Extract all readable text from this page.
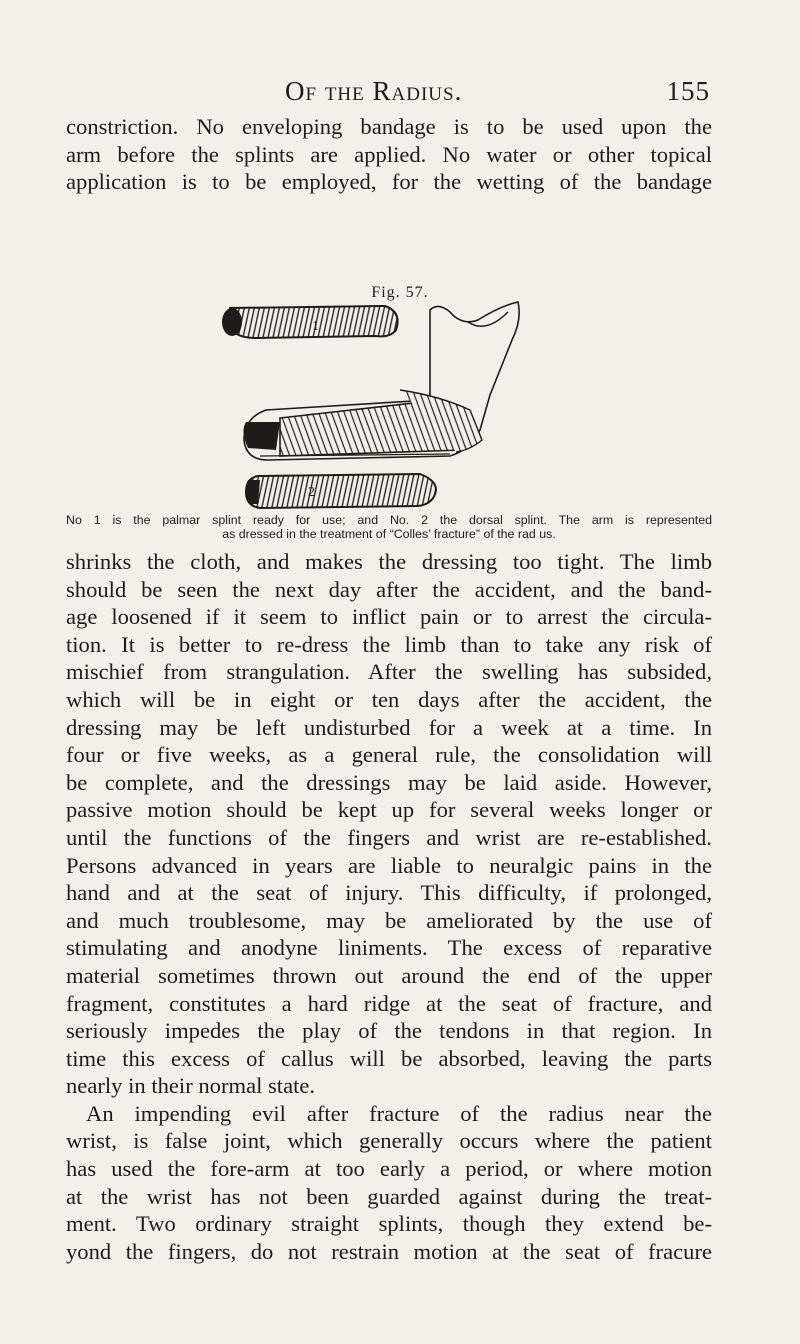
Of the Radius.	155

constriction. No enveloping bandage is to be used upon the

arm before the splints are applied. No water or other topical

application is to be employed, for the wetting of the bandage

Fig. 57.
1
2
No 1 is the palmar splint ready for use; and No. 2 the dorsal splint. The arm is represented
as dressed in the treatment of “Colles’ fracture” of the rad us.

shrinks the cloth, and makes the dressing too tight. The limb

should be seen the next day after the accident, and the band-

age loosened if it seem to inflict pain or to arrest the circula-

tion. It is better to re-dress the limb than to take any risk of

mischief from strangulation. After the swelling has subsided,

which will be in eight or ten days after the accident, the

dressing may be left undisturbed for a week at a time. In

four or five weeks, as a general rule, the consolidation will

be complete, and the dressings may be laid aside. However,

passive motion should be kept up for several weeks longer or

until the functions of the fingers and wrist are re-established.

Persons advanced in years are liable to neuralgic pains in the

hand and at the seat of injury. This difficulty, if prolonged,

and much troublesome, may be ameliorated by the use of

stimulating and anodyne liniments. The excess of reparative

material sometimes thrown out around the end of the upper

fragment, constitutes a hard ridge at the seat of fracture, and

seriously impedes the play of the tendons in that region. In

time this excess of callus will be absorbed, leaving the parts

nearly in their normal state.

An impending evil after fracture of the radius near the

wrist, is false joint, which generally occurs where the patient

has used the fore-arm at too early a period, or where motion

at the wrist has not been guarded against during the treat-

ment. Two ordinary straight splints, though they extend be-

yond the fingers, do not restrain motion at the seat of fracure
